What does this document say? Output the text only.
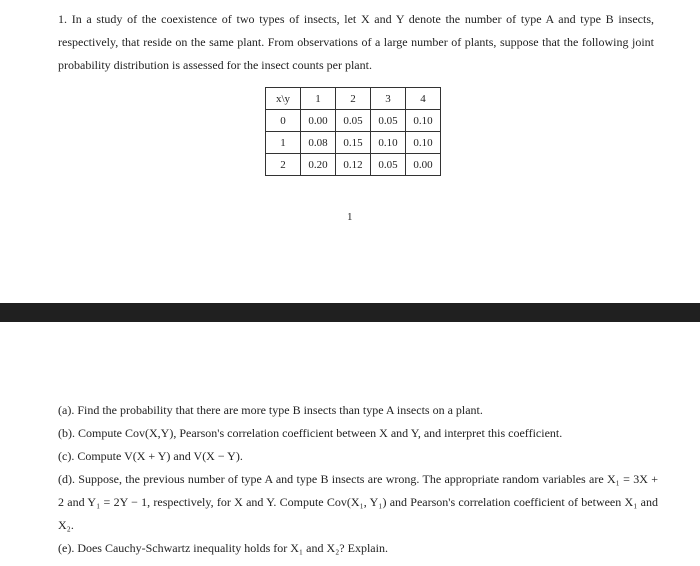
1. In a study of the coexistence of two types of insects, let X and Y denote the number of type A and type B insects, respectively, that reside on the same plant. From observations of a large number of plants, suppose that the following joint probability distribution is assessed for the insect counts per plant.
x\y	1	2	3	4
0	0.00	0.05	0.05	0.10
1	0.08	0.15	0.10	0.10
2	0.20	0.12	0.05	0.00
1

(a). Find the probability that there are more type B insects than type A insects on a plant.

(b). Compute Cov(X,Y), Pearson's correlation coefficient between X and Y, and interpret this coefficient.

(c). Compute V(X + Y) and V(X − Y).

(d). Suppose, the previous number of type A and type B insects are wrong. The appropriate random variables are X₁ = 3X + 2 and Y₁ = 2Y − 1, respectively, for X and Y. Compute Cov(X₁, Y₁) and Pearson's correlation coefficient of between X₁ and X₂.

(e). Does Cauchy-Schwartz inequality holds for X₁ and X₂? Explain.
